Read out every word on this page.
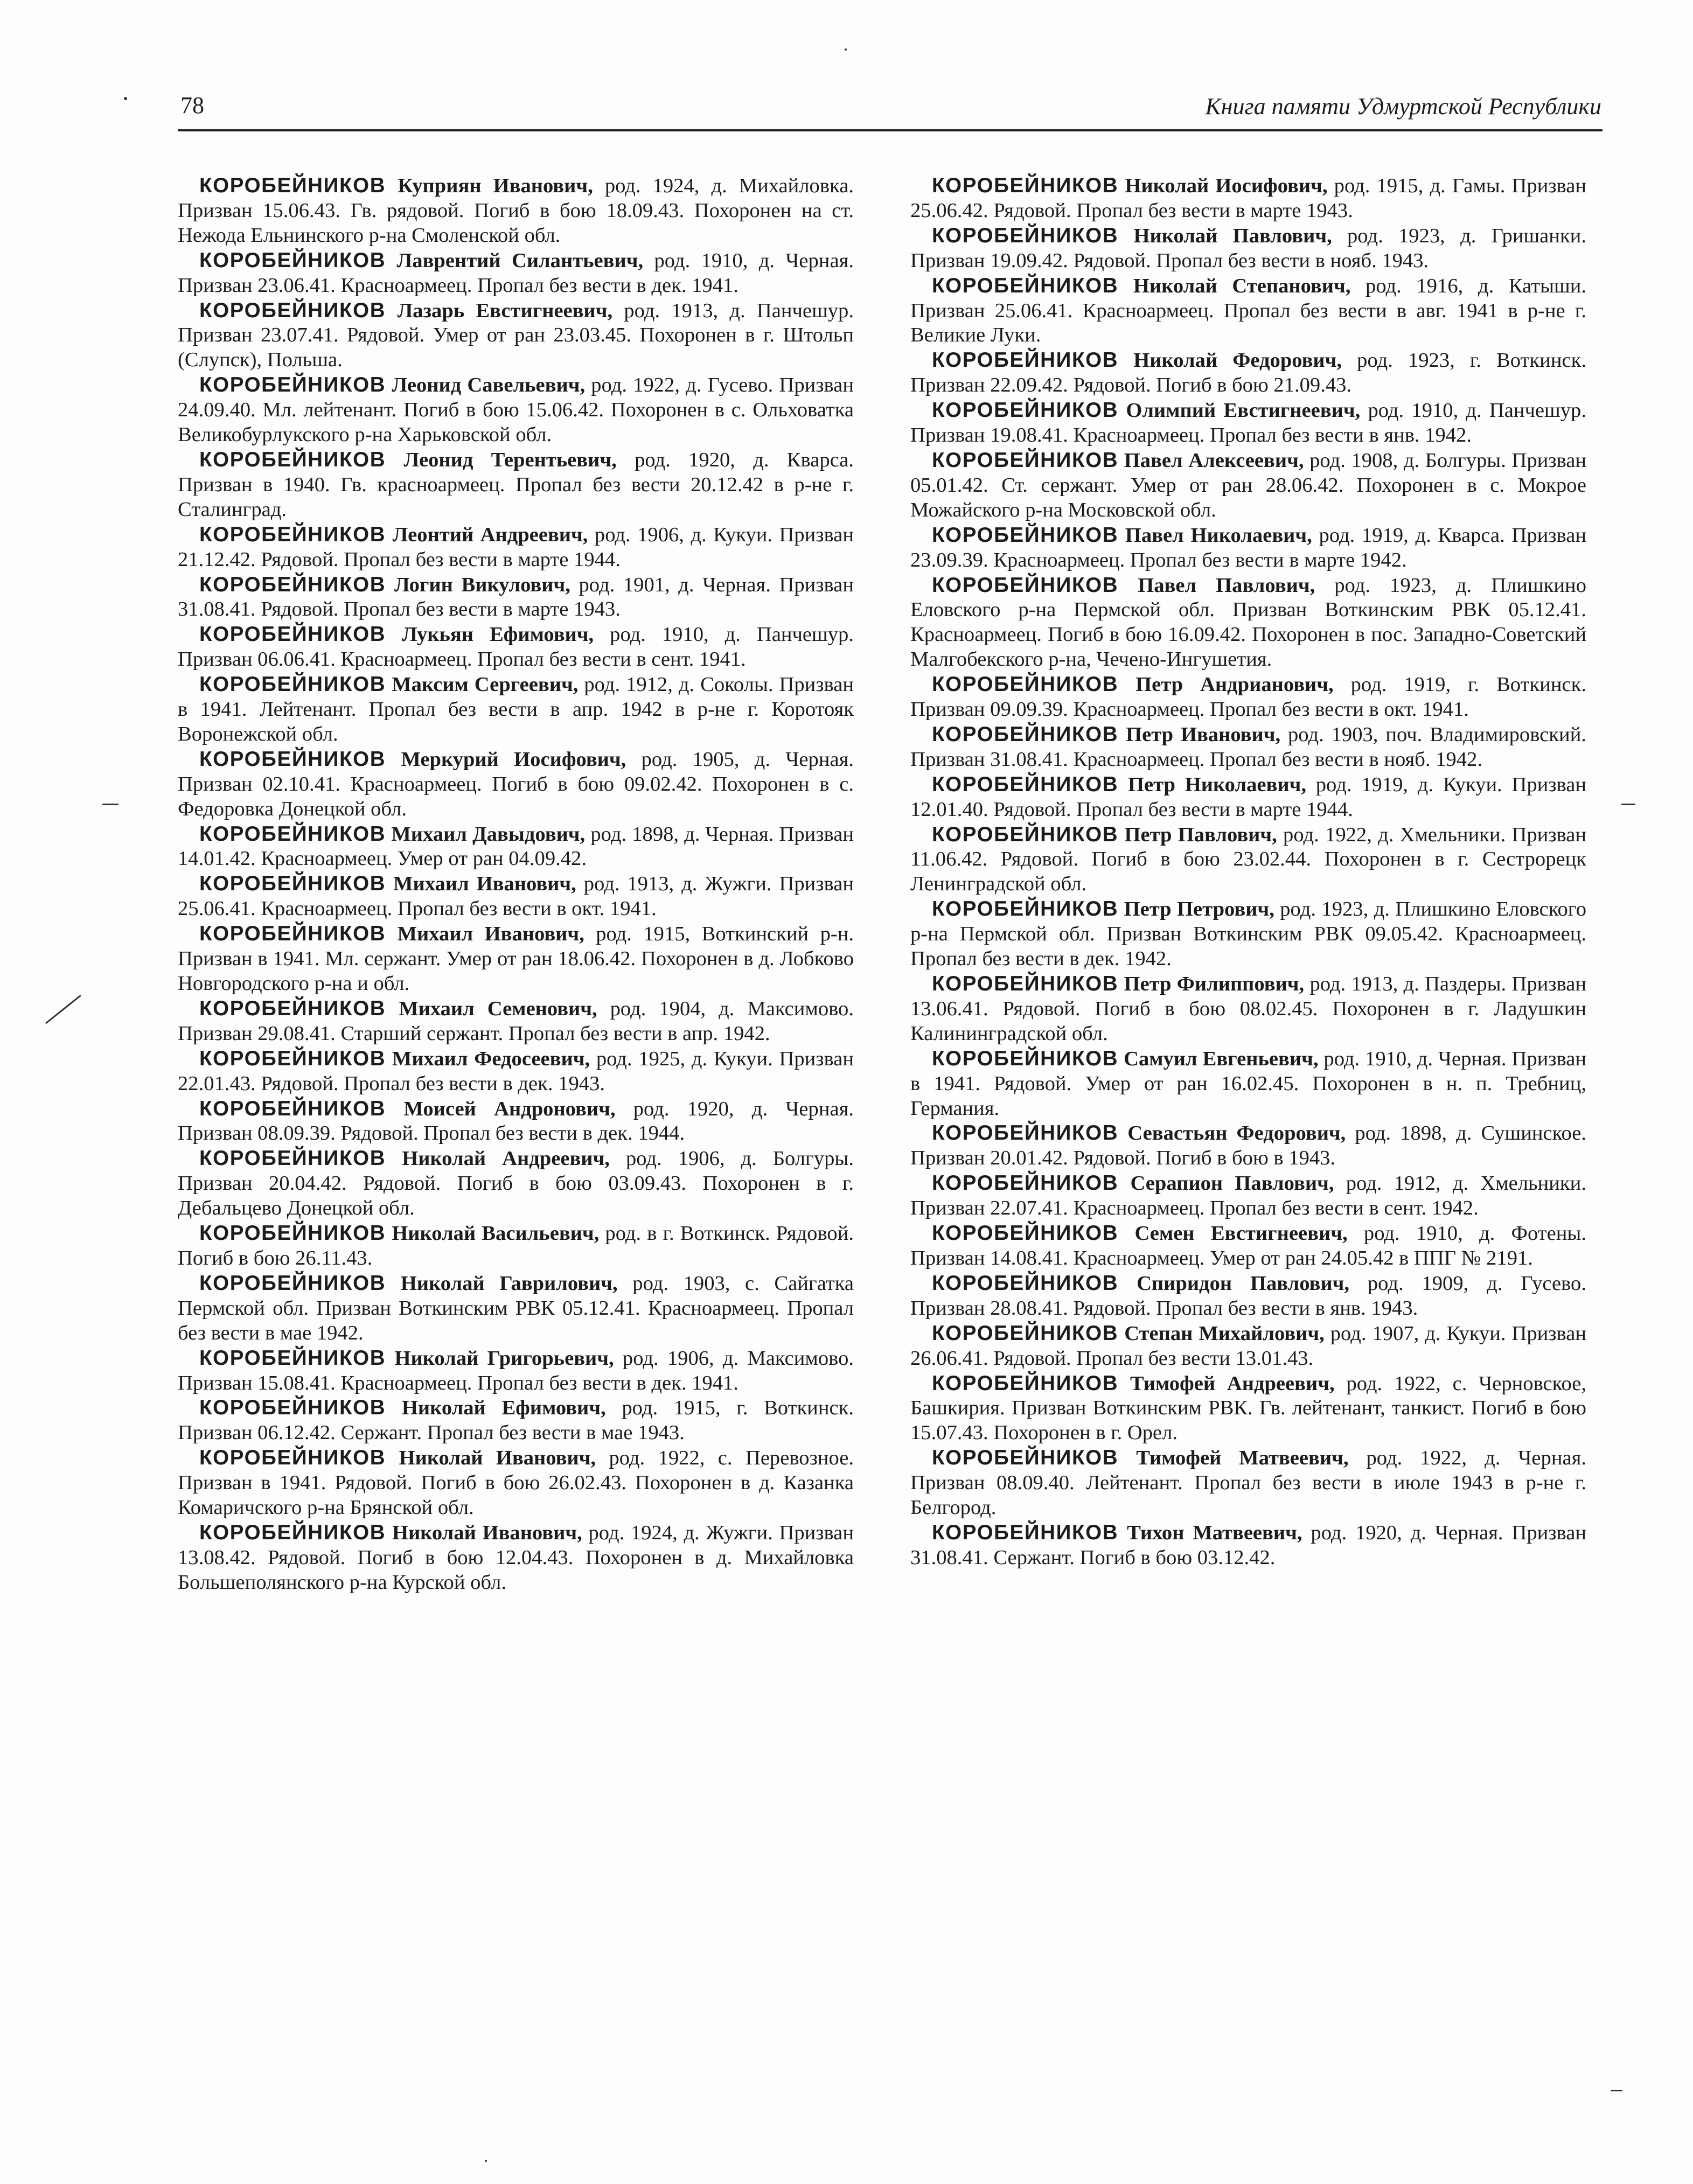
78	Книга памяти Удмуртской Республики

КОРОБЕЙНИКОВ Куприян Иванович, род. 1924, д. Михайловка. Призван 15.06.43. Гв. рядовой. Погиб в бою 18.09.43. Похоронен на ст. Нежода Ельнинского р-на Смоленской обл.

КОРОБЕЙНИКОВ Лаврентий Силантьевич, род. 1910, д. Черная. Призван 23.06.41. Красноармеец. Пропал без вести в дек. 1941.

КОРОБЕЙНИКОВ Лазарь Евстигнеевич, род. 1913, д. Панчешур. Призван 23.07.41. Рядовой. Умер от ран 23.03.45. Похоронен в г. Штольп (Слупск), Польша.

КОРОБЕЙНИКОВ Леонид Савельевич, род. 1922, д. Гусево. Призван 24.09.40. Мл. лейтенант. Погиб в бою 15.06.42. Похоронен в с. Ольховатка Великобурлукского р-на Харьковской обл.

КОРОБЕЙНИКОВ Леонид Терентьевич, род. 1920, д. Кварса. Призван в 1940. Гв. красноармеец. Пропал без вести 20.12.42 в р-не г. Сталинград.

КОРОБЕЙНИКОВ Леонтий Андреевич, род. 1906, д. Кукуи. Призван 21.12.42. Рядовой. Пропал без вести в марте 1944.

КОРОБЕЙНИКОВ Логин Викулович, род. 1901, д. Черная. Призван 31.08.41. Рядовой. Пропал без вести в марте 1943.

КОРОБЕЙНИКОВ Лукьян Ефимович, род. 1910, д. Панчешур. Призван 06.06.41. Красноармеец. Пропал без вести в сент. 1941.

КОРОБЕЙНИКОВ Максим Сергеевич, род. 1912, д. Соколы. Призван в 1941. Лейтенант. Пропал без вести в апр. 1942 в р-не г. Коротояк Воронежской обл.

КОРОБЕЙНИКОВ Меркурий Иосифович, род. 1905, д. Черная. Призван 02.10.41. Красноармеец. Погиб в бою 09.02.42. Похоронен в с. Федоровка Донецкой обл.

КОРОБЕЙНИКОВ Михаил Давыдович, род. 1898, д. Черная. Призван 14.01.42. Красноармеец. Умер от ран 04.09.42.

КОРОБЕЙНИКОВ Михаил Иванович, род. 1913, д. Жужги. Призван 25.06.41. Красноармеец. Пропал без вести в окт. 1941.

КОРОБЕЙНИКОВ Михаил Иванович, род. 1915, Воткинский р-н. Призван в 1941. Мл. сержант. Умер от ран 18.06.42. Похоронен в д. Лобково Новгородского р-на и обл.

КОРОБЕЙНИКОВ Михаил Семенович, род. 1904, д. Максимово. Призван 29.08.41. Старший сержант. Пропал без вести в апр. 1942.

КОРОБЕЙНИКОВ Михаил Федосеевич, род. 1925, д. Кукуи. Призван 22.01.43. Рядовой. Пропал без вести в дек. 1943.

КОРОБЕЙНИКОВ Моисей Андронович, род. 1920, д. Черная. Призван 08.09.39. Рядовой. Пропал без вести в дек. 1944.

КОРОБЕЙНИКОВ Николай Андреевич, род. 1906, д. Болгуры. Призван 20.04.42. Рядовой. Погиб в бою 03.09.43. Похоронен в г. Дебальцево Донецкой обл.

КОРОБЕЙНИКОВ Николай Васильевич, род. в г. Воткинск. Рядовой. Погиб в бою 26.11.43.

КОРОБЕЙНИКОВ Николай Гаврилович, род. 1903, с. Сайгатка Пермской обл. Призван Воткинским РВК 05.12.41. Красноармеец. Пропал без вести в мае 1942.

КОРОБЕЙНИКОВ Николай Григорьевич, род. 1906, д. Максимово. Призван 15.08.41. Красноармеец. Пропал без вести в дек. 1941.

КОРОБЕЙНИКОВ Николай Ефимович, род. 1915, г. Воткинск. Призван 06.12.42. Сержант. Пропал без вести в мае 1943.

КОРОБЕЙНИКОВ Николай Иванович, род. 1922, с. Перевозное. Призван в 1941. Рядовой. Погиб в бою 26.02.43. Похоронен в д. Казанка Комаричского р-на Брянской обл.

КОРОБЕЙНИКОВ Николай Иванович, род. 1924, д. Жужги. Призван 13.08.42. Рядовой. Погиб в бою 12.04.43. Похоронен в д. Михайловка Большеполянского р-на Курской обл.

КОРОБЕЙНИКОВ Николай Иосифович, род. 1915, д. Гамы. Призван 25.06.42. Рядовой. Пропал без вести в марте 1943.

КОРОБЕЙНИКОВ Николай Павлович, род. 1923, д. Гришанки. Призван 19.09.42. Рядовой. Пропал без вести в нояб. 1943.

КОРОБЕЙНИКОВ Николай Степанович, род. 1916, д. Катыши. Призван 25.06.41. Красноармеец. Пропал без вести в авг. 1941 в р-не г. Великие Луки.

КОРОБЕЙНИКОВ Николай Федорович, род. 1923, г. Воткинск. Призван 22.09.42. Рядовой. Погиб в бою 21.09.43.

КОРОБЕЙНИКОВ Олимпий Евстигнеевич, род. 1910, д. Панчешур. Призван 19.08.41. Красноармеец. Пропал без вести в янв. 1942.

КОРОБЕЙНИКОВ Павел Алексеевич, род. 1908, д. Болгуры. Призван 05.01.42. Ст. сержант. Умер от ран 28.06.42. Похоронен в с. Мокрое Можайского р-на Московской обл.

КОРОБЕЙНИКОВ Павел Николаевич, род. 1919, д. Кварса. Призван 23.09.39. Красноармеец. Пропал без вести в марте 1942.

КОРОБЕЙНИКОВ Павел Павлович, род. 1923, д. Плишкино Еловского р-на Пермской обл. Призван Воткинским РВК 05.12.41. Красноармеец. Погиб в бою 16.09.42. Похоронен в пос. Западно-Советский Малгобекского р-на, Чечено-Ингушетия.

КОРОБЕЙНИКОВ Петр Андрианович, род. 1919, г. Воткинск. Призван 09.09.39. Красноармеец. Пропал без вести в окт. 1941.

КОРОБЕЙНИКОВ Петр Иванович, род. 1903, поч. Владимировский. Призван 31.08.41. Красноармеец. Пропал без вести в нояб. 1942.

КОРОБЕЙНИКОВ Петр Николаевич, род. 1919, д. Кукуи. Призван 12.01.40. Рядовой. Пропал без вести в марте 1944.

КОРОБЕЙНИКОВ Петр Павлович, род. 1922, д. Хмельники. Призван 11.06.42. Рядовой. Погиб в бою 23.02.44. Похоронен в г. Сестрорецк Ленинградской обл.

КОРОБЕЙНИКОВ Петр Петрович, род. 1923, д. Плишкино Еловского р-на Пермской обл. Призван Воткинским РВК 09.05.42. Красноармеец. Пропал без вести в дек. 1942.

КОРОБЕЙНИКОВ Петр Филиппович, род. 1913, д. Паздеры. Призван 13.06.41. Рядовой. Погиб в бою 08.02.45. Похоронен в г. Ладушкин Калининградской обл.

КОРОБЕЙНИКОВ Самуил Евгеньевич, род. 1910, д. Черная. Призван в 1941. Рядовой. Умер от ран 16.02.45. Похоронен в н. п. Требниц, Германия.

КОРОБЕЙНИКОВ Севастьян Федорович, род. 1898, д. Сушинское. Призван 20.01.42. Рядовой. Погиб в бою в 1943.

КОРОБЕЙНИКОВ Серапион Павлович, род. 1912, д. Хмельники. Призван 22.07.41. Красноармеец. Пропал без вести в сент. 1942.

КОРОБЕЙНИКОВ Семен Евстигнеевич, род. 1910, д. Фотены. Призван 14.08.41. Красноармеец. Умер от ран 24.05.42 в ППГ № 2191.

КОРОБЕЙНИКОВ Спиридон Павлович, род. 1909, д. Гусево. Призван 28.08.41. Рядовой. Пропал без вести в янв. 1943.

КОРОБЕЙНИКОВ Степан Михайлович, род. 1907, д. Кукуи. Призван 26.06.41. Рядовой. Пропал без вести 13.01.43.

КОРОБЕЙНИКОВ Тимофей Андреевич, род. 1922, с. Черновское, Башкирия. Призван Воткинским РВК. Гв. лейтенант, танкист. Погиб в бою 15.07.43. Похоронен в г. Орел.

КОРОБЕЙНИКОВ Тимофей Матвеевич, род. 1922, д. Черная. Призван 08.09.40. Лейтенант. Пропал без вести в июле 1943 в р-не г. Белгород.

КОРОБЕЙНИКОВ Тихон Матвеевич, род. 1920, д. Черная. Призван 31.08.41. Сержант. Погиб в бою 03.12.42.
